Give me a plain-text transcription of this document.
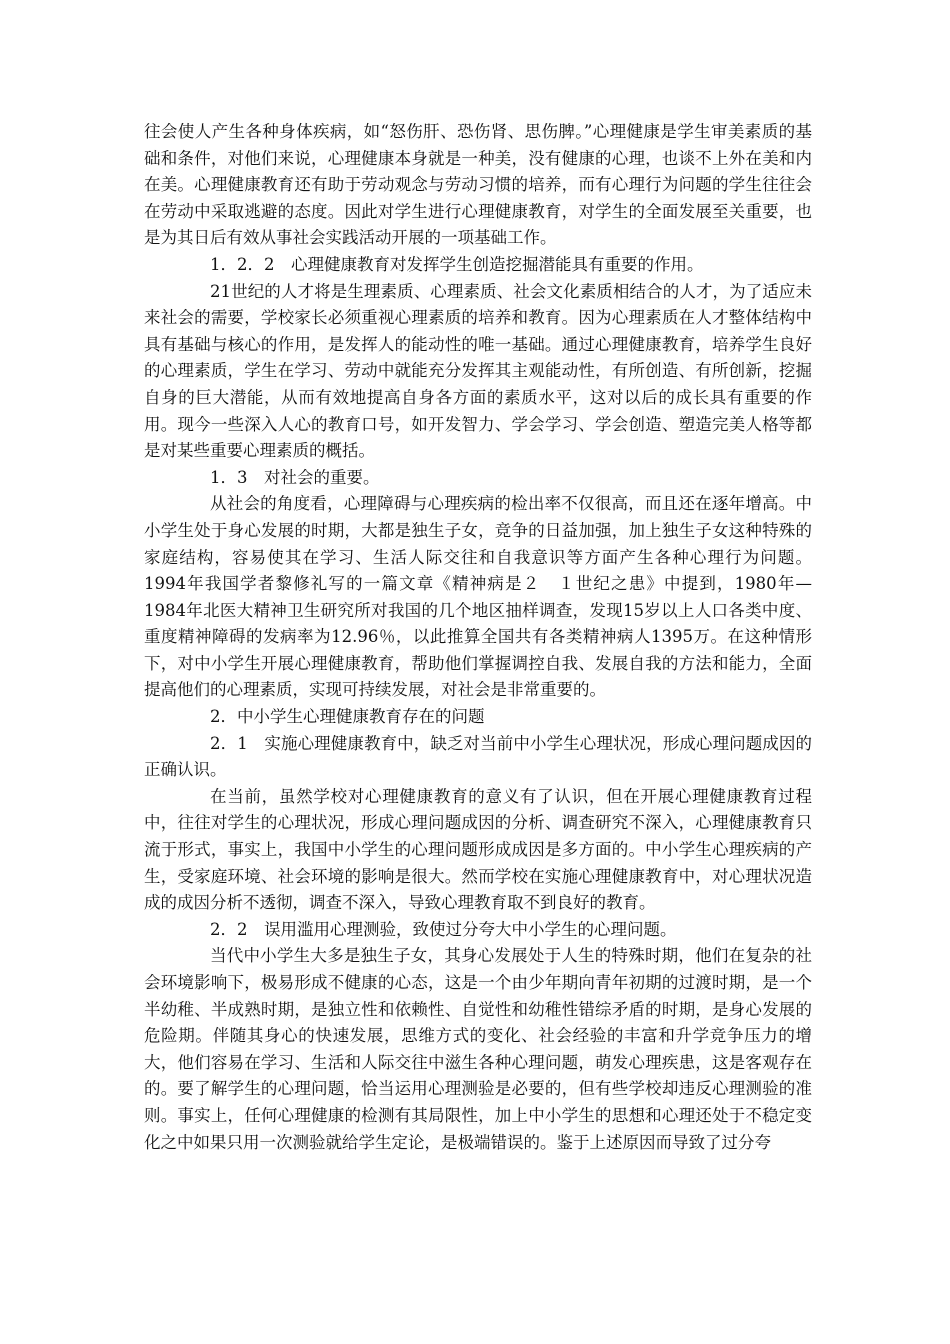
往会使人产生各种身体疾病，如“怒伤肝、恐伤肾、思伤脾。”心理健康是学生审美素质的基础和条件，对他们来说，心理健康本身就是一种美，没有健康的心理，也谈不上外在美和内在美。心理健康教育还有助于劳动观念与劳动习惯的培养，而有心理行为问题的学生往往会在劳动中采取逃避的态度。因此对学生进行心理健康教育，对学生的全面发展至关重要，也是为其日后有效从事社会实践活动开展的一项基础工作。

1．2．2　心理健康教育对发挥学生创造挖掘潜能具有重要的作用。

21世纪的人才将是生理素质、心理素质、社会文化素质相结合的人才，为了适应未来社会的需要，学校家长必须重视心理素质的培养和教育。因为心理素质在人才整体结构中具有基础与核心的作用，是发挥人的能动性的唯一基础。通过心理健康教育，培养学生良好的心理素质，学生在学习、劳动中就能充分发挥其主观能动性，有所创造、有所创新，挖掘自身的巨大潜能，从而有效地提高自身各方面的素质水平，这对以后的成长具有重要的作用。现今一些深入人心的教育口号，如开发智力、学会学习、学会创造、塑造完美人格等都是对某些重要心理素质的概括。

1．3　对社会的重要。

从社会的角度看，心理障碍与心理疾病的检出率不仅很高，而且还在逐年增高。中小学生处于身心发展的时期，大都是独生子女，竞争的日益加强，加上独生子女这种特殊的家庭结构，容易使其在学习、生活人际交往和自我意识等方面产生各种心理行为问题。1994年我国学者黎修礼写的一篇文章《精神病是２　１世纪之患》中提到，1980年—1984年北医大精神卫生研究所对我国的几个地区抽样调查，发现15岁以上人口各类中度、重度精神障碍的发病率为12.96％，以此推算全国共有各类精神病人1395万。在这种情形下，对中小学生开展心理健康教育，帮助他们掌握调控自我、发展自我的方法和能力，全面提高他们的心理素质，实现可持续发展，对社会是非常重要的。

2．中小学生心理健康教育存在的问题

2．1　实施心理健康教育中，缺乏对当前中小学生心理状况，形成心理问题成因的正确认识。

在当前，虽然学校对心理健康教育的意义有了认识，但在开展心理健康教育过程中，往往对学生的心理状况，形成心理问题成因的分析、调查研究不深入，心理健康教育只流于形式，事实上，我国中小学生的心理问题形成成因是多方面的。中小学生心理疾病的产生，受家庭环境、社会环境的影响是很大。然而学校在实施心理健康教育中，对心理状况造成的成因分析不透彻，调查不深入，导致心理教育取不到良好的教育。

2．2　误用滥用心理测验，致使过分夸大中小学生的心理问题。

当代中小学生大多是独生子女，其身心发展处于人生的特殊时期，他们在复杂的社会环境影响下，极易形成不健康的心态，这是一个由少年期向青年初期的过渡时期，是一个半幼稚、半成熟时期，是独立性和依赖性、自觉性和幼稚性错综矛盾的时期，是身心发展的危险期。伴随其身心的快速发展，思维方式的变化、社会经验的丰富和升学竞争压力的增大，他们容易在学习、生活和人际交往中滋生各种心理问题，萌发心理疾患，这是客观存在的。要了解学生的心理问题，恰当运用心理测验是必要的，但有些学校却违反心理测验的准则。事实上，任何心理健康的检测有其局限性，加上中小学生的思想和心理还处于不稳定变化之中如果只用一次测验就给学生定论，是极端错误的。鉴于上述原因而导致了过分夸
